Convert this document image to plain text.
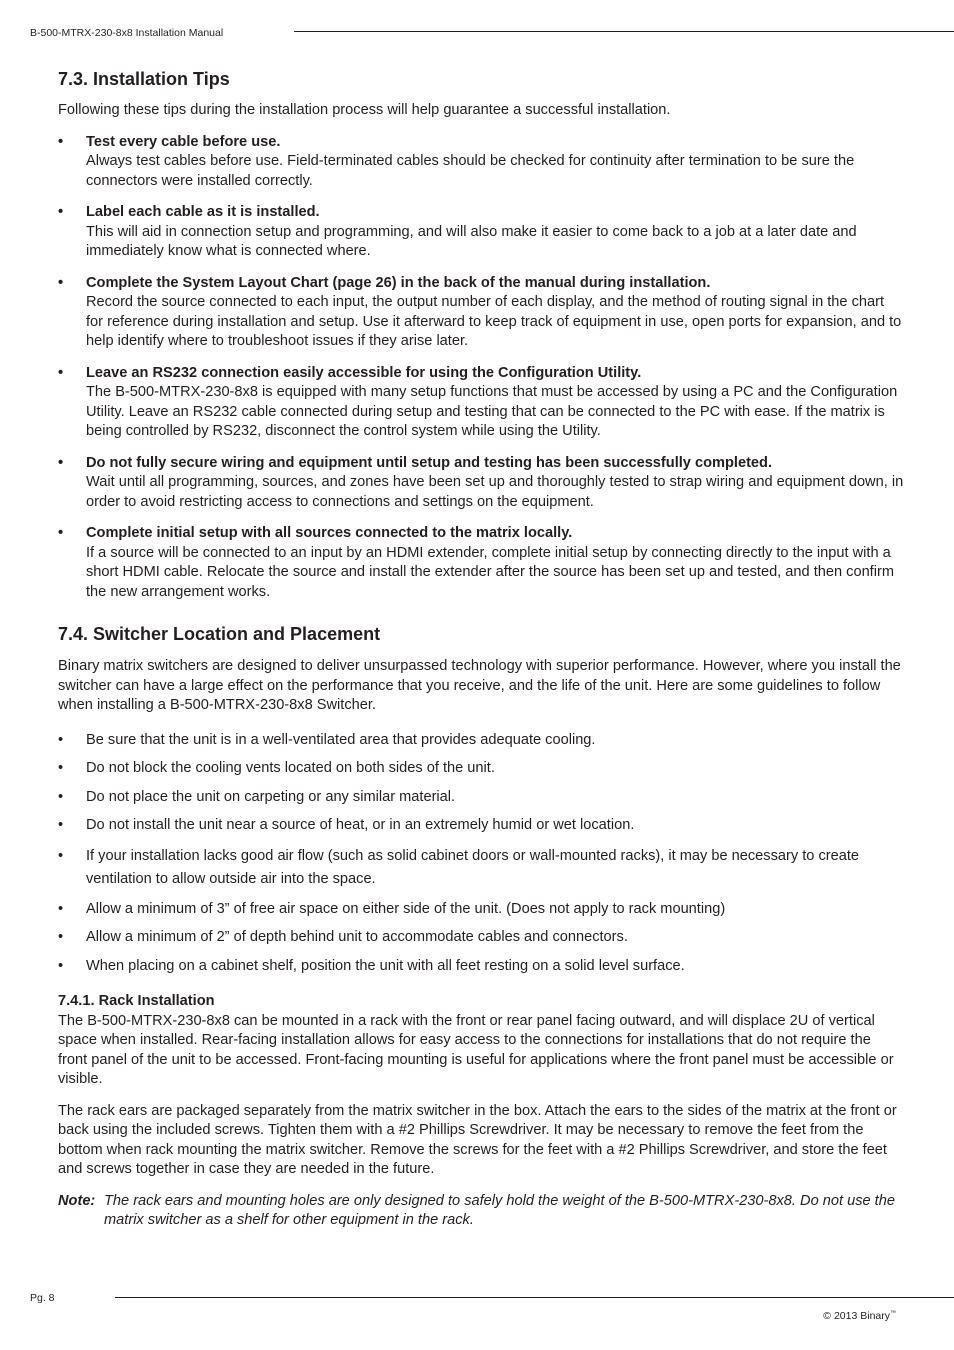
B-500-MTRX-230-8x8 Installation Manual
7.3. Installation Tips

Following these tips during the installation process will help guarantee a successful installation.

• Test every cable before use.
Always test cables before use. Field-terminated cables should be checked for continuity after termination to be sure the connectors were installed correctly.
• Label each cable as it is installed.
This will aid in connection setup and programming, and will also make it easier to come back to a job at a later date and immediately know what is connected where.
• Complete the System Layout Chart (page 26) in the back of the manual during installation.
Record the source connected to each input, the output number of each display, and the method of routing signal in the chart for reference during installation and setup. Use it afterward to keep track of equipment in use, open ports for expansion, and to help identify where to troubleshoot issues if they arise later.
• Leave an RS232 connection easily accessible for using the Configuration Utility.
The B-500-MTRX-230-8x8 is equipped with many setup functions that must be accessed by using a PC and the Configuration Utility. Leave an RS232 cable connected during setup and testing that can be connected to the PC with ease. If the matrix is being controlled by RS232, disconnect the control system while using the Utility.
• Do not fully secure wiring and equipment until setup and testing has been successfully completed.
Wait until all programming, sources, and zones have been set up and thoroughly tested to strap wiring and equipment down, in order to avoid restricting access to connections and settings on the equipment.
• Complete initial setup with all sources connected to the matrix locally.
If a source will be connected to an input by an HDMI extender, complete initial setup by connecting directly to the input with a short HDMI cable. Relocate the source and install the extender after the source has been set up and tested, and then confirm the new arrangement works.
7.4. Switcher Location and Placement

Binary matrix switchers are designed to deliver unsurpassed technology with superior performance. However, where you install the switcher can have a large effect on the performance that you receive, and the life of the unit. Here are some guidelines to follow when installing a B-500-MTRX-230-8x8 Switcher.

• Be sure that the unit is in a well-ventilated area that provides adequate cooling.
• Do not block the cooling vents located on both sides of the unit.
• Do not place the unit on carpeting or any similar material.
• Do not install the unit near a source of heat, or in an extremely humid or wet location.
• If your installation lacks good air flow (such as solid cabinet doors or wall-mounted racks), it may be necessary to create ventilation to allow outside air into the space.
• Allow a minimum of 3” of free air space on either side of the unit. (Does not apply to rack mounting)
• Allow a minimum of 2” of depth behind unit to accommodate cables and connectors.
• When placing on a cabinet shelf, position the unit with all feet resting on a solid level surface.
7.4.1. Rack Installation

The B-500-MTRX-230-8x8 can be mounted in a rack with the front or rear panel facing outward, and will displace 2U of vertical space when installed. Rear-facing installation allows for easy access to the connections for installations that do not require the front panel of the unit to be accessed. Front-facing mounting is useful for applications where the front panel must be accessible or visible.

The rack ears are packaged separately from the matrix switcher in the box. Attach the ears to the sides of the matrix at the front or back using the included screws. Tighten them with a #2 Phillips Screwdriver. It may be necessary to remove the feet from the bottom when rack mounting the matrix switcher. Remove the screws for the feet with a #2 Phillips Screwdriver, and store the feet and screws together in case they are needed in the future.

Note: The rack ears and mounting holes are only designed to safely hold the weight of the B-500-MTRX-230-8x8. Do not use the matrix switcher as a shelf for other equipment in the rack.

Pg. 8
© 2013 Binary™
